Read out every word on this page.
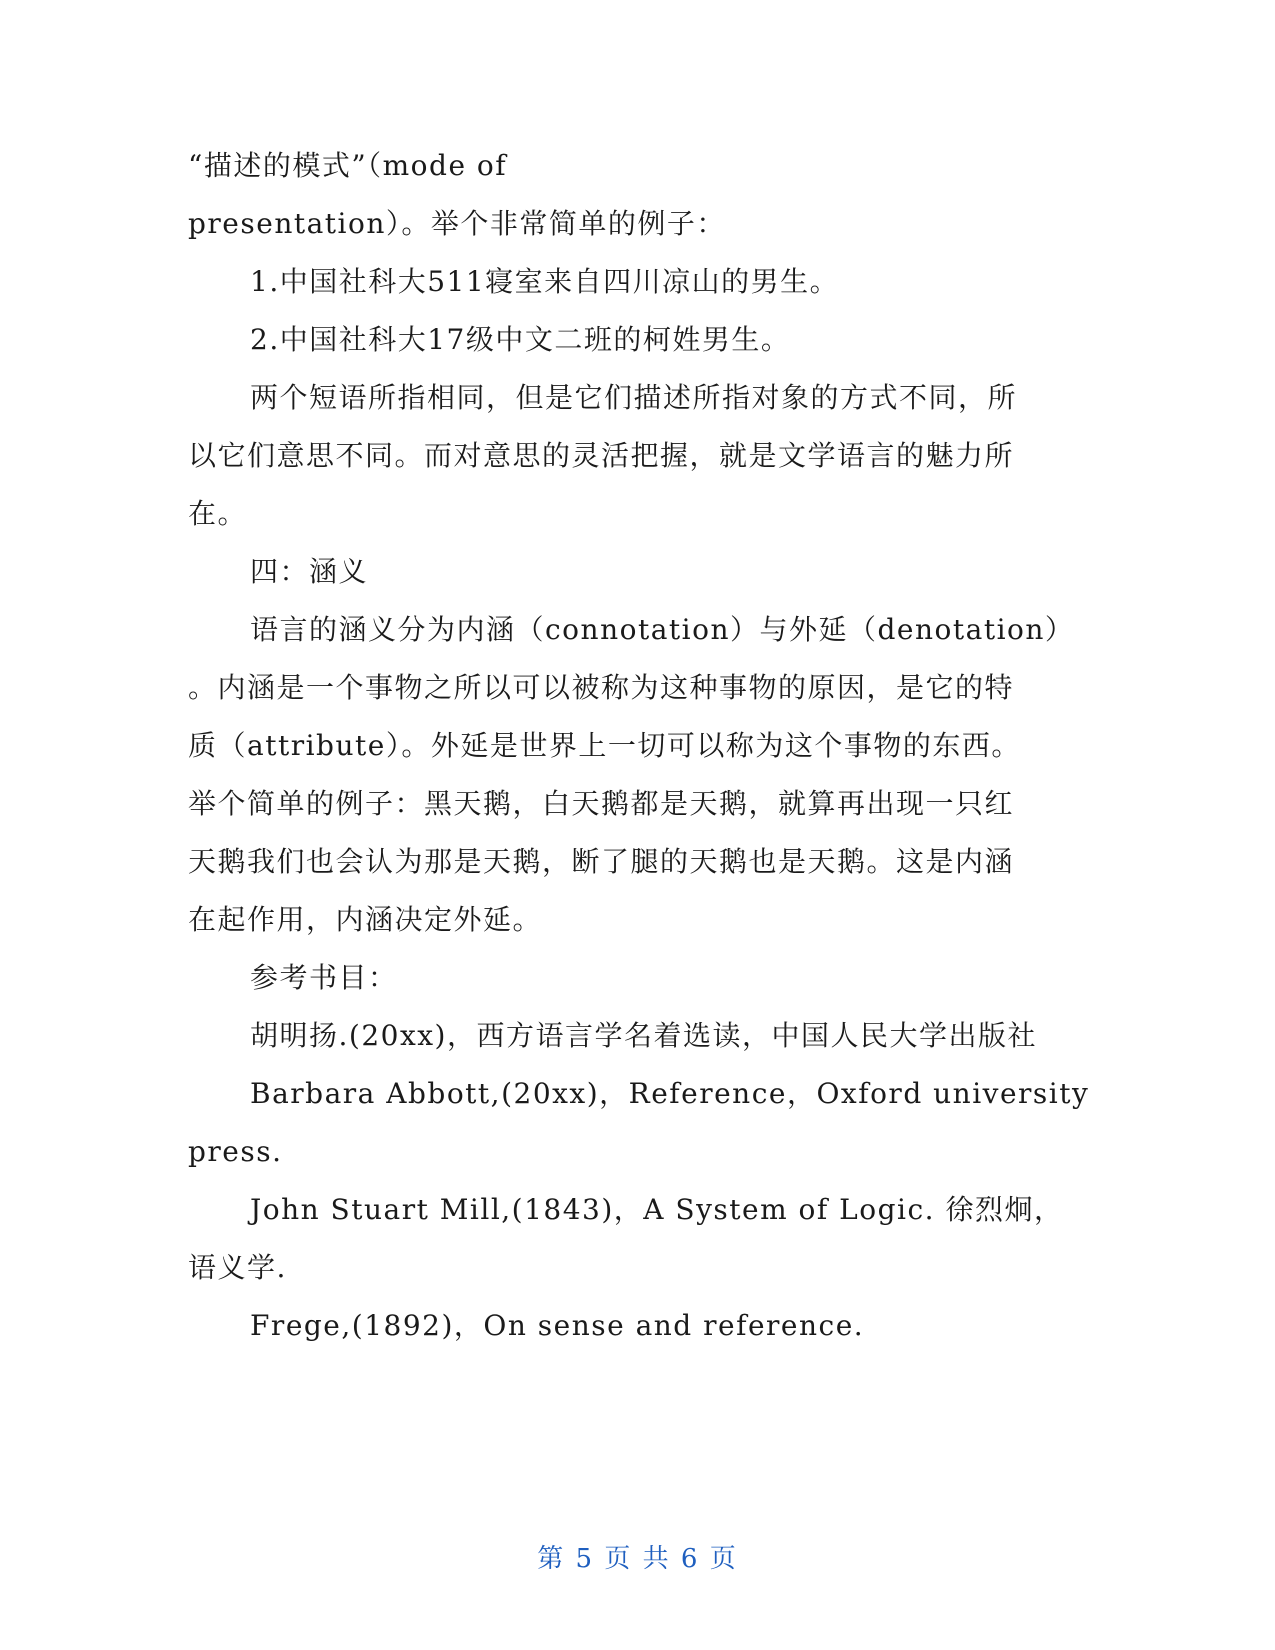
“描述的模式”（mode of
presentation）。举个非常简单的例子：
1.中国社科大511寝室来自四川凉山的男生。
2.中国社科大17级中文二班的柯姓男生。
两个短语所指相同，但是它们描述所指对象的方式不同，所
以它们意思不同。而对意思的灵活把握，就是文学语言的魅力所
在。
四：涵义
语言的涵义分为内涵（connotation）与外延（denotation）
。内涵是一个事物之所以可以被称为这种事物的原因，是它的特
质（attribute）。外延是世界上一切可以称为这个事物的东西。
举个简单的例子：黑天鹅，白天鹅都是天鹅，就算再出现一只红
天鹅我们也会认为那是天鹅，断了腿的天鹅也是天鹅。这是内涵
在起作用，内涵决定外延。
参考书目：
胡明扬.(20xx)，西方语言学名着选读，中国人民大学出版社
Barbara Abbott,(20xx)，Reference，Oxford university
press.
John Stuart Mill,(1843)，A System of Logic. 徐烈炯，
语义学.
Frege,(1892)，On sense and reference.
第 5 页 共 6 页
